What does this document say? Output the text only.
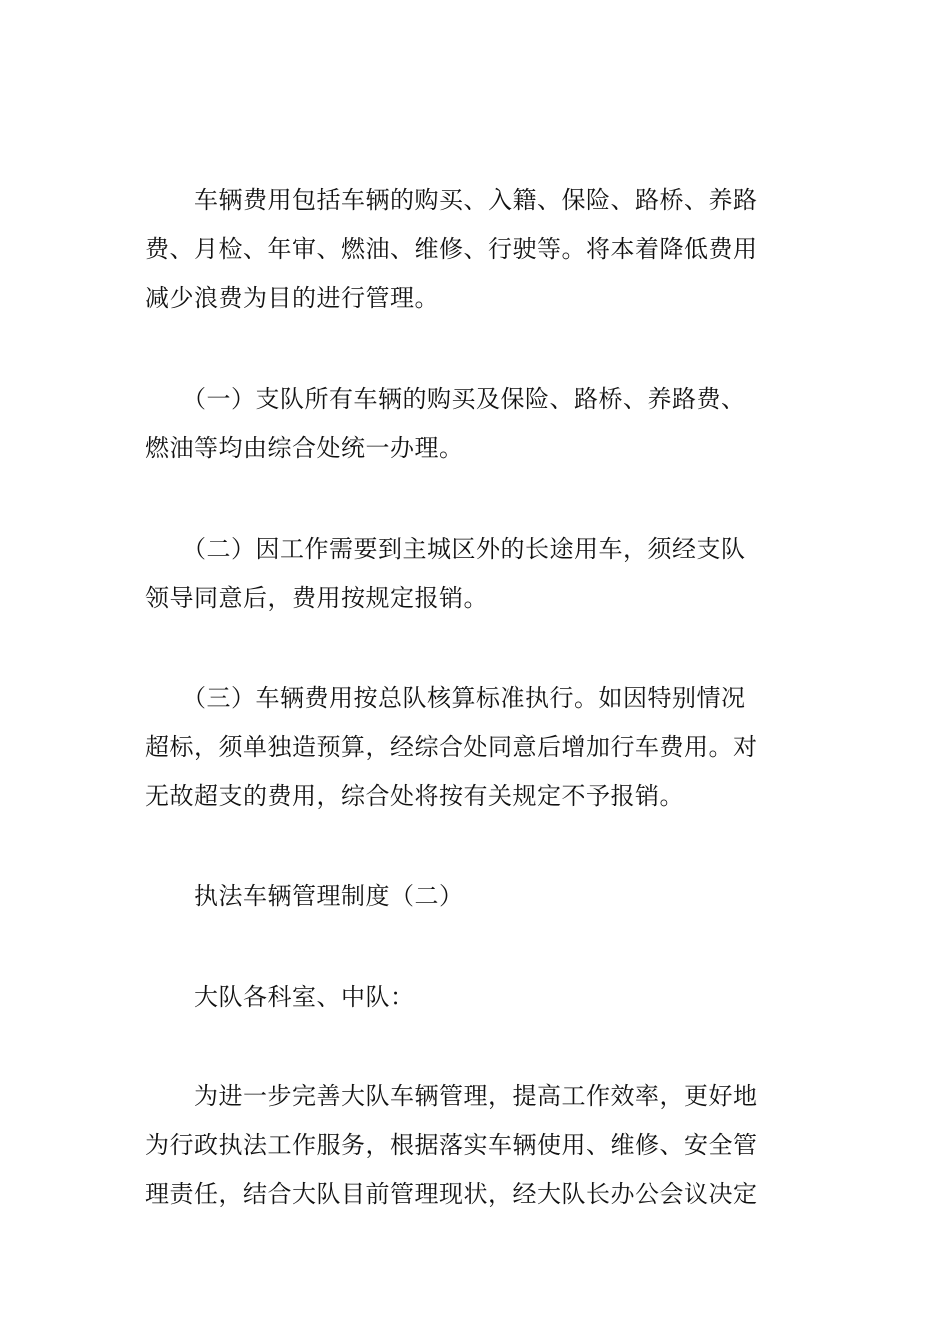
　　车辆费用包括车辆的购买、入籍、保险、路桥、养路
费、月检、年审、燃油、维修、行驶等。将本着降低费用
减少浪费为目的进行管理。

　　（一）支队所有车辆的购买及保险、路桥、养路费、
燃油等均由综合处统一办理。

　　（二）因工作需要到主城区外的长途用车，须经支队
领导同意后，费用按规定报销。

　　（三）车辆费用按总队核算标准执行。如因特别情况
超标，须单独造预算，经综合处同意后增加行车费用。对
无故超支的费用，综合处将按有关规定不予报销。

　　执法车辆管理制度（二）

　　大队各科室、中队：

　　为进一步完善大队车辆管理，提高工作效率，更好地
为行政执法工作服务，根据落实车辆使用、维修、安全管
理责任，结合大队目前管理现状，经大队长办公会议决定
